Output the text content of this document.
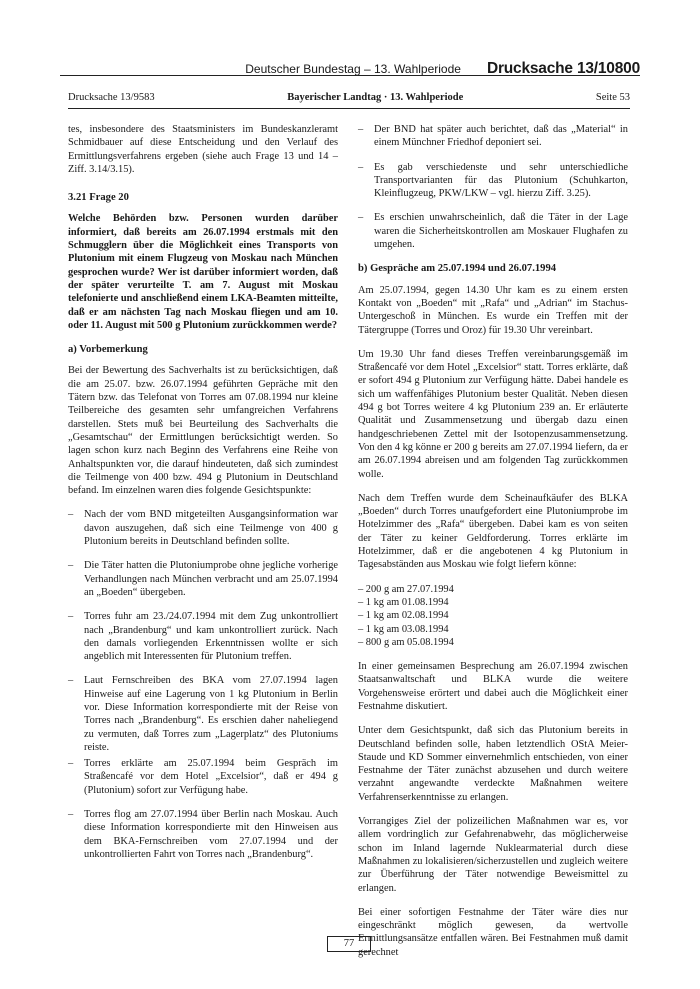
Deutscher Bundestag – 13. Wahlperiode Drucksache 13/10800
Drucksache 13/9583	Bayerischer Landtag · 13. Wahlperiode	Seite 53

tes, insbesondere des Staatsministers im Bundeskanzleramt Schmidbauer auf diese Entscheidung und den Verlauf des Ermittlungsverfahrens ergeben (siehe auch Frage 13 und 14 – Ziff. 3.14/3.15).

3.21 Frage 20

Welche Behörden bzw. Personen wurden darüber informiert, daß bereits am 26.07.1994 erstmals mit den Schmugglern über die Möglichkeit eines Transports von Plutonium mit einem Flugzeug von Moskau nach München gesprochen wurde? Wer ist darüber informiert worden, daß der später verurteilte T. am 7. August mit Moskau telefonierte und anschließend einem LKA-Beamten mitteilte, daß er am nächsten Tag nach Moskau fliegen und am 10. oder 11. August mit 500 g Plutonium zurückkommen werde?

a) Vorbemerkung

Bei der Bewertung des Sachverhalts ist zu berücksichtigen, daß die am 25.07. bzw. 26.07.1994 geführten Gepräche mit den Tätern bzw. das Telefonat von Torres am 07.08.1994 nur kleine Teilbereiche des gesamten sehr umfangreichen Verfahrens darstellen. Stets muß bei Beurteilung des Sachverhalts die „Gesamtschau“ der Ermittlungen berücksichtigt werden. So lagen schon kurz nach Beginn des Verfahrens eine Reihe von Anhaltspunkten vor, die darauf hindeuteten, daß sich zumindest die Teilmenge von 400 bzw. 494 g Plutonium in Deutschland befand. Im einzelnen waren dies folgende Gesichtspunkte:

–	Nach der vom BND mitgeteilten Ausgangsinformation war davon auszugehen, daß sich eine Teilmenge von 400 g Plutonium bereits in Deutschland befinden sollte.
–	Die Täter hatten die Plutoniumprobe ohne jegliche vorherige Verhandlungen nach München verbracht und am 25.07.1994 an „Boeden“ übergeben.
–	Torres fuhr am 23./24.07.1994 mit dem Zug unkontrolliert nach „Brandenburg“ und kam unkontrolliert zurück. Nach den damals vorliegenden Erkenntnissen wollte er sich angeblich mit Interessenten für Plutonium treffen.
–	Laut Fernschreiben des BKA vom 27.07.1994 lagen Hinweise auf eine Lagerung von 1 kg Plutonium in Berlin vor. Diese Information korrespondierte mit der Reise von Torres nach „Brandenburg“. Es erschien daher naheliegend zu vermuten, daß Torres zum „Lagerplatz“ des Plutoniums reiste.
–	Torres erklärte am 25.07.1994 beim Gespräch im Straßencafé vor dem Hotel „Excelsior“, daß er 494 g (Plutonium) sofort zur Verfügung habe.
–	Torres flog am 27.07.1994 über Berlin nach Moskau. Auch diese Information korrespondierte mit den Hinweisen aus dem BKA-Fernschreiben vom 27.07.1994 und der unkontrollierten Fahrt von Torres nach „Brandenburg“.
–	Der BND hat später auch berichtet, daß das „Material“ in einem Münchner Friedhof deponiert sei.
–	Es gab verschiedenste und sehr unterschiedliche Transportvarianten für das Plutonium (Schuhkarton, Kleinflugzeug, PKW/LKW – vgl. hierzu Ziff. 3.25).
–	Es erschien unwahrscheinlich, daß die Täter in der Lage waren die Sicherheitskontrollen am Moskauer Flughafen zu umgehen.
b) Gespräche am 25.07.1994 und 26.07.1994

Am 25.07.1994, gegen 14.30 Uhr kam es zu einem ersten Kontakt von „Boeden“ mit „Rafa“ und „Adrian“ im Stachus-Untergeschoß in München. Es wurde ein Treffen mit der Tätergruppe (Torres und Oroz) für 19.30 Uhr vereinbart.

Um 19.30 Uhr fand dieses Treffen vereinbarungsgemäß im Straßencafé vor dem Hotel „Excelsior“ statt. Torres erklärte, daß er sofort 494 g Plutonium zur Verfügung hätte. Dabei handele es sich um waffenfähiges Plutonium bester Qualität. Neben diesen 494 g bot Torres weitere 4 kg Plutonium 239 an. Er erläuterte Qualität und Zusammensetzung und übergab dazu einen handgeschriebenen Zettel mit der Isotopenzusammensetzung. Von den 4 kg könne er 200 g bereits am 27.07.1994 liefern, da er am 26.07.1994 abreisen und am folgenden Tag zurückkommen wolle.

Nach dem Treffen wurde dem Scheinaufkäufer des BLKA „Boeden“ durch Torres unaufgefordert eine Plutoniumprobe im Hotelzimmer des „Rafa“ übergeben. Dabei kam es von seiten der Täter zu keiner Geldforderung. Torres erklärte im Hotelzimmer, daß er die angebotenen 4 kg Plutonium in Tagesabständen aus Moskau wie folgt liefern könne:

– 200 g am 27.07.1994
– 1 kg am 01.08.1994
– 1 kg am 02.08.1994
– 1 kg am 03.08.1994
– 800 g am 05.08.1994

In einer gemeinsamen Besprechung am 26.07.1994 zwischen Staatsanwaltschaft und BLKA wurde die weitere Vorgehensweise erörtert und dabei auch die Möglichkeit einer Festnahme diskutiert.

Unter dem Gesichtspunkt, daß sich das Plutonium bereits in Deutschland befinden solle, haben letztendlich OStA Meier-Staude und KD Sommer einvernehmlich entschieden, von einer Festnahme der Täter zunächst abzusehen und durch weitere verzahnt angewandte verdeckte Maßnahmen weitere Verfahrenserkenntnisse zu erlangen.

Vorrangiges Ziel der polizeilichen Maßnahmen war es, vor allem vordringlich zur Gefahrenabwehr, das möglicherweise schon im Inland lagernde Nuklearmaterial durch diese Maßnahmen zu lokalisieren/sicherzustellen und zugleich weitere zur Überführung der Täter notwendige Beweismittel zu erlangen.

Bei einer sofortigen Festnahme der Täter wäre dies nur eingeschränkt möglich gewesen, da wertvolle Ermittlungsansätze entfallen wären. Bei Festnahmen muß damit gerechnet

77
